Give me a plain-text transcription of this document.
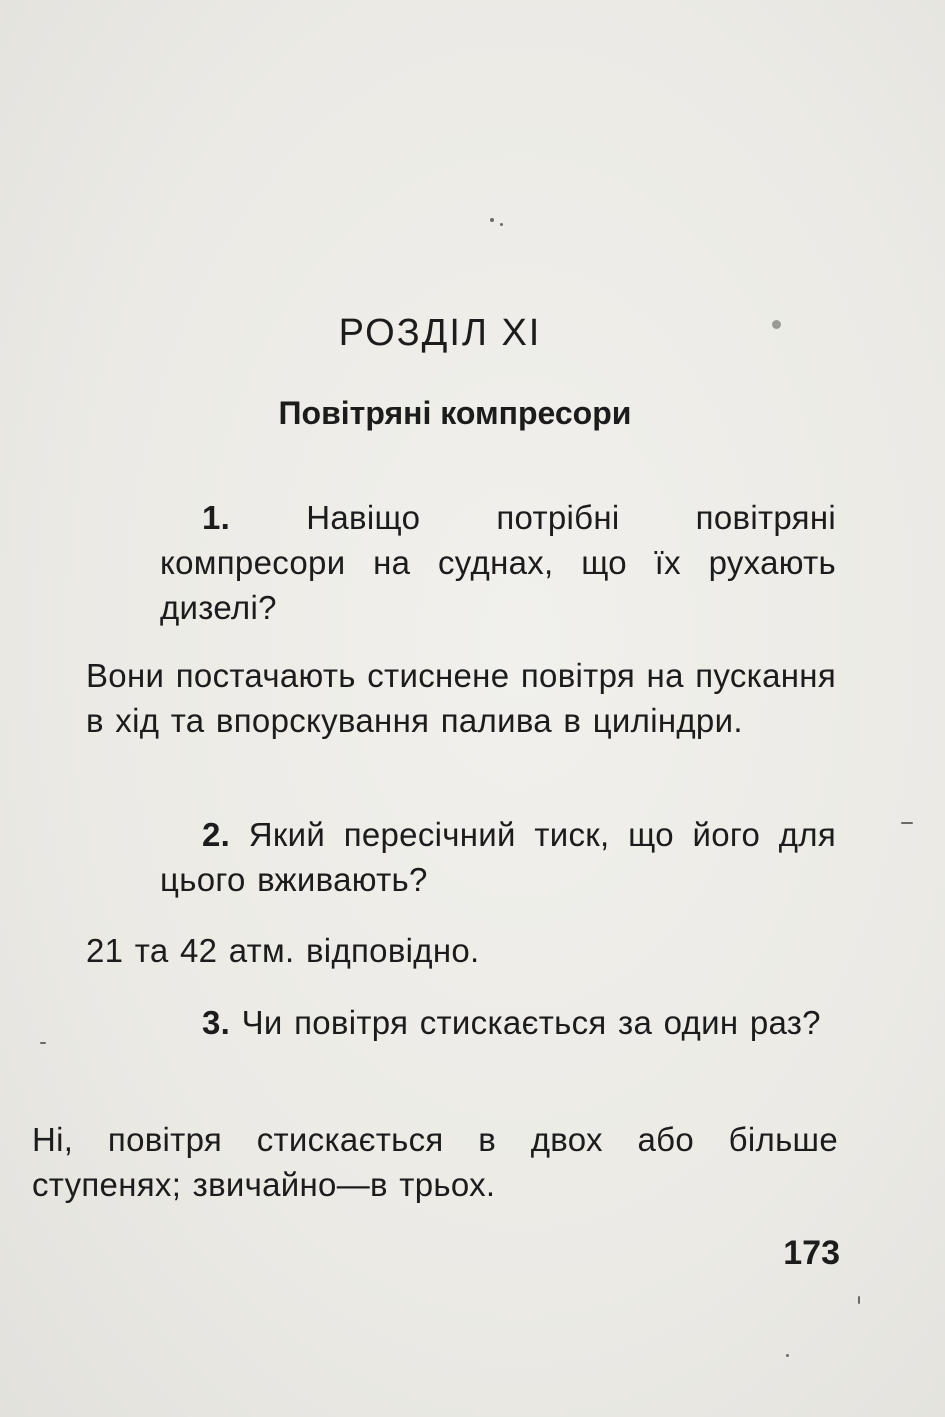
РОЗДІЛ XI
Повітряні компресори

1. Навіщо потрібні повітряні компресори на суднах, що їх рухають дизелі?

Вони постачають стиснене повітря на пускання в хід та впорскування палива в циліндри.

2. Який пересічний тиск, що його для цього вживають?

21 та 42 атм. відповідно.

3. Чи повітря стискається за один раз?

Ні, повітря стискається в двох або більше ступенях; звичайно—в трьох.

173
